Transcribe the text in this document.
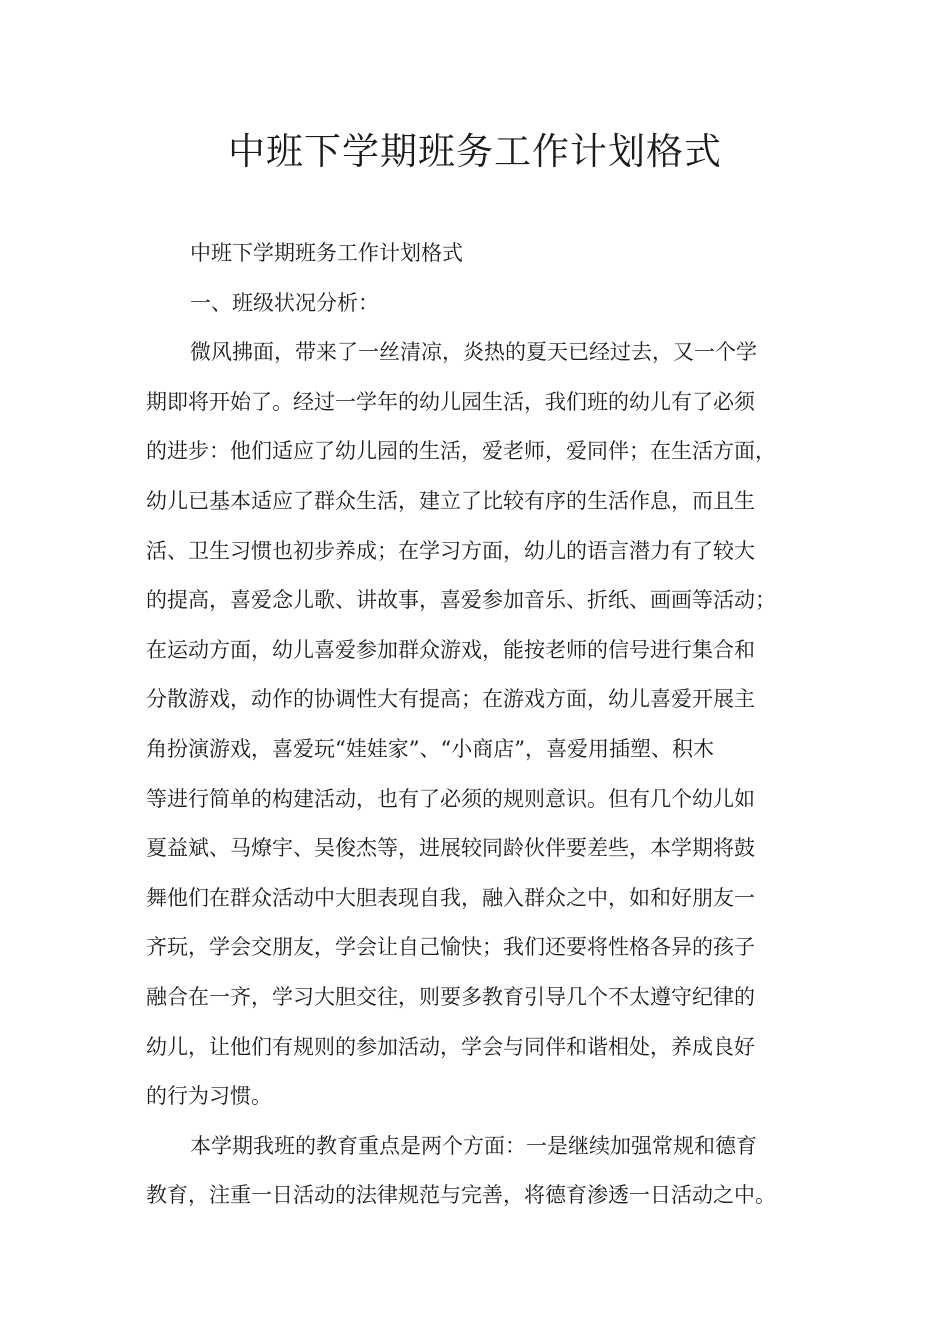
中班下学期班务工作计划格式
中班下学期班务工作计划格式
一、班级状况分析：
微风拂面，带来了一丝清凉，炎热的夏天已经过去，又一个学
期即将开始了。经过一学年的幼儿园生活，我们班的幼儿有了必须
的进步：他们适应了幼儿园的生活，爱老师，爱同伴；在生活方面，
幼儿已基本适应了群众生活，建立了比较有序的生活作息，而且生
活、卫生习惯也初步养成；在学习方面，幼儿的语言潜力有了较大
的提高，喜爱念儿歌、讲故事，喜爱参加音乐、折纸、画画等活动；
在运动方面，幼儿喜爱参加群众游戏，能按老师的信号进行集合和
分散游戏，动作的协调性大有提高；在游戏方面，幼儿喜爱开展主
角扮演游戏，喜爱玩“娃娃家”、“小商店”，喜爱用插塑、积木
等进行简单的构建活动，也有了必须的规则意识。但有几个幼儿如
夏益斌、马燎宇、吴俊杰等，进展较同龄伙伴要差些，本学期将鼓
舞他们在群众活动中大胆表现自我，融入群众之中，如和好朋友一
齐玩，学会交朋友，学会让自己愉快；我们还要将性格各异的孩子
融合在一齐，学习大胆交往，则要多教育引导几个不太遵守纪律的
幼儿，让他们有规则的参加活动，学会与同伴和谐相处，养成良好
的行为习惯。
本学期我班的教育重点是两个方面：一是继续加强常规和德育
教育，注重一日活动的法律规范与完善，将德育渗透一日活动之中。
